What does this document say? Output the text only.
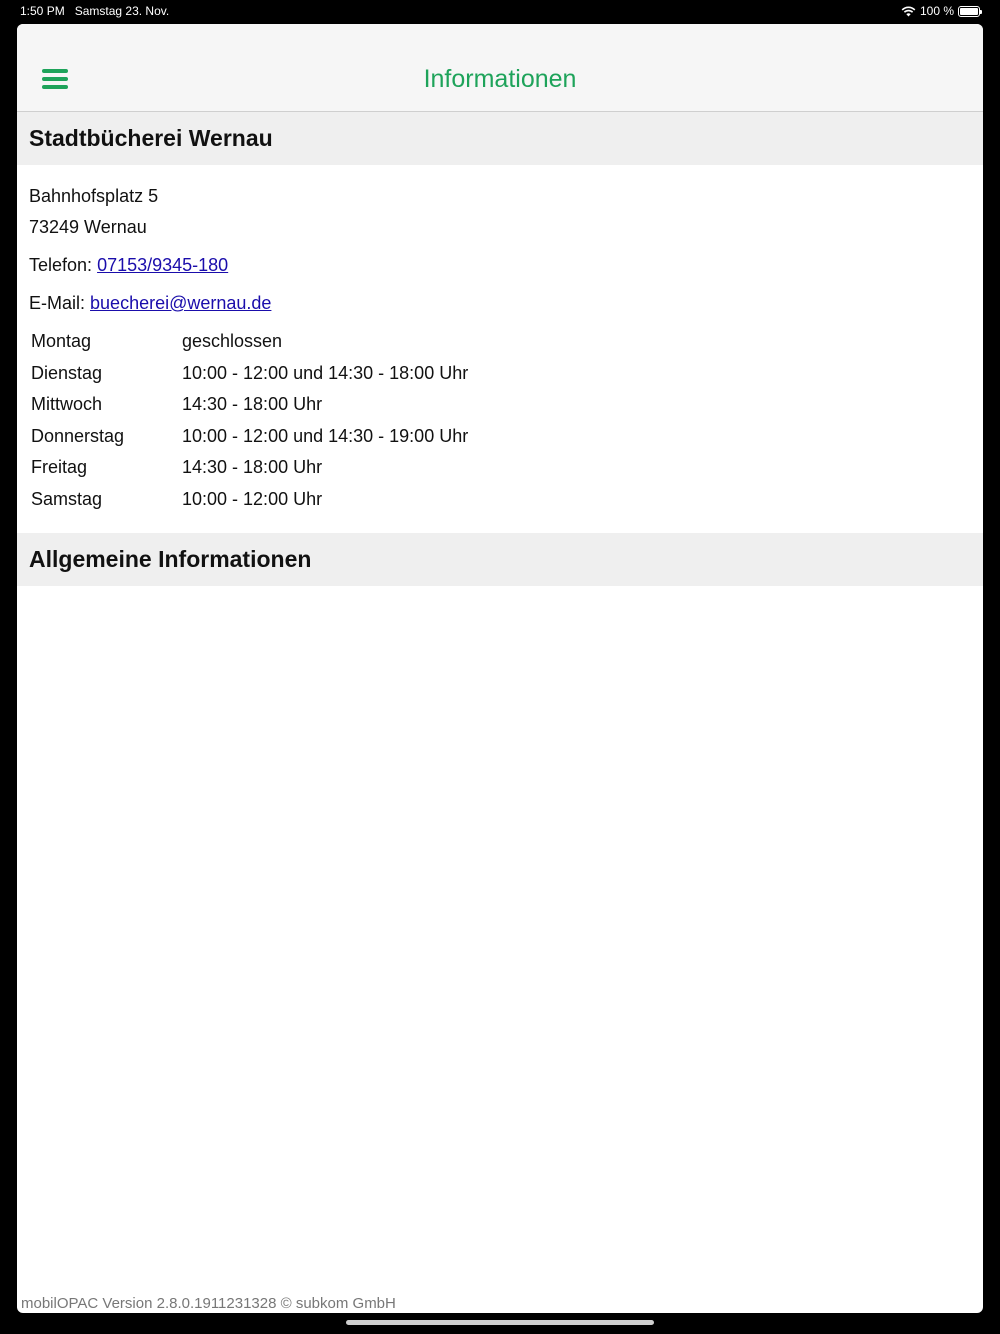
1:50 PM Samstag 23. Nov.	100 %
Informationen
Stadtbücherei Wernau
Bahnhofsplatz 5
73249 Wernau
Telefon: 07153/9345-180
E-Mail: buecherei@wernau.de
Montag	geschlossen
Dienstag	10:00 - 12:00 und 14:30 - 18:00 Uhr
Mittwoch	14:30 - 18:00 Uhr
Donnerstag	10:00 - 12:00 und 14:30 - 19:00 Uhr
Freitag	14:30 - 18:00 Uhr
Samstag	10:00 - 12:00 Uhr
Allgemeine Informationen
mobilOPAC Version 2.8.0.1911231328 © subkom GmbH
